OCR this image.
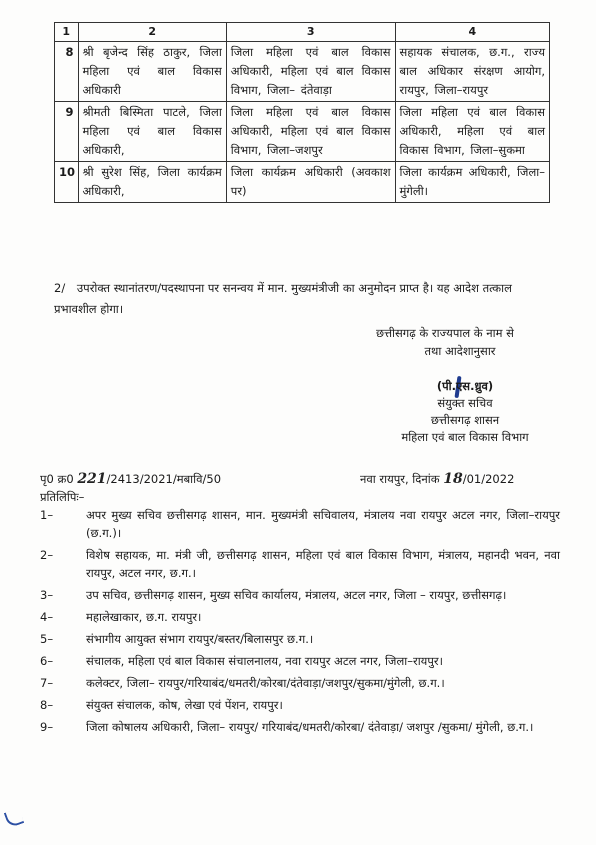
1	2	3	4
8	श्री बृजेन्द सिंह ठाकुर, जिला महिला एवं बाल विकास अधिकारी	जिला महिला एवं बाल विकास अधिकारी, महिला एवं बाल विकास विभाग, जिला– दंतेवाड़ा	सहायक संचालक, छ.ग., राज्य बाल अधिकार संरक्षण आयोग, रायपुर, जिला–रायपुर

9	श्रीमती बिस्मिता पाटले, जिला महिला एवं बाल विकास अधिकारी,	जिला महिला एवं बाल विकास अधिकारी, महिला एवं बाल विकास विभाग, जिला–जशपुर	जिला महिला एवं बाल विकास अधिकारी, महिला एवं बाल विकास विभाग, जिला–सुकमा

10	श्री सुरेश सिंह, जिला कार्यक्रम अधिकारी,	जिला कार्यक्रम अधिकारी (अवकाश पर)	जिला कार्यक्रम अधिकारी, जिला–मुंगेली।
2/ उपरोक्त स्थानांतरण/पदस्थापना पर सनन्वय में मान. मुख्यमंत्रीजी का अनुमोदन प्राप्त है। यह आदेश तत्काल प्रभावशील होगा।
छत्तीसगढ़ के राज्यपाल के नाम से
तथा आदेशानुसार
(पी.एस.ध्रुव)
संयुक्त सचिव
छत्तीसगढ़ शासन
महिला एवं बाल विकास विभाग
पृ0 क्र0 221/2413/2021/मबावि/50	नवा रायपुर, दिनांक 18/01/2022
प्रतिलिपिः–
1–	अपर मुख्य सचिव छत्तीसगढ़ शासन, मान. मुख्यमंत्री सचिवालय, मंत्रालय नवा रायपुर अटल नगर, जिला–रायपुर (छ.ग.)।
2–	विशेष सहायक, मा. मंत्री जी, छत्तीसगढ़ शासन, महिला एवं बाल विकास विभाग, मंत्रालय, महानदी भवन, नवा रायपुर, अटल नगर, छ.ग.।
3–	उप सचिव, छत्तीसगढ़ शासन, मुख्य सचिव कार्यालय, मंत्रालय, अटल नगर, जिला – रायपुर, छत्तीसगढ़।
4–	महालेखाकार, छ.ग. रायपुर।
5–	संभागीय आयुक्त संभाग रायपुर/बस्तर/बिलासपुर छ.ग.।
6–	संचालक, महिला एवं बाल विकास संचालनालय, नवा रायपुर अटल नगर, जिला–रायपुर।
7–	कलेक्टर, जिला– रायपुर/गरियाबंद/धमतरी/कोरबा/दंतेवाड़ा/जशपुर/सुकमा/मुंगेली, छ.ग.।
8–	संयुक्त संचालक, कोष, लेखा एवं पेंशन, रायपुर।
9–	जिला कोषालय अधिकारी, जिला– रायपुर/ गरियाबंद/धमतरी/कोरबा/ दंतेवाड़ा/ जशपुर /सुकमा/ मुंगेली, छ.ग.।
